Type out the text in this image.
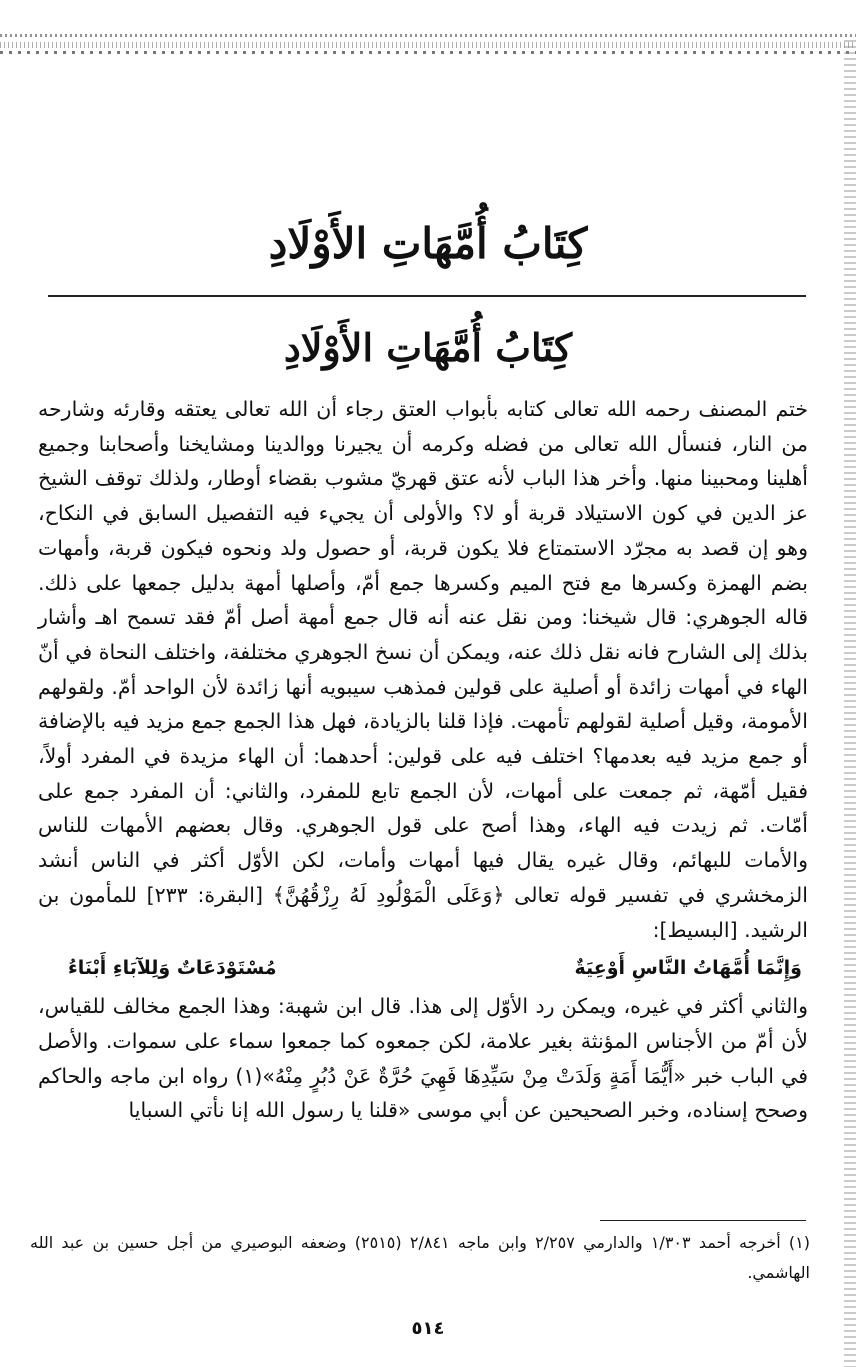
كِتَابُ أُمَّهَاتِ الأَوْلَادِ
كِتَابُ أُمَّهَاتِ الأَوْلَادِ

ختم المصنف رحمه الله تعالى كتابه بأبواب العتق رجاء أن الله تعالى يعتقه وقارئه وشارحه من النار، فنسأل الله تعالى من فضله وكرمه أن يجيرنا ووالدينا ومشايخنا وأصحابنا وجميع أهلينا ومحبينا منها. وأخر هذا الباب لأنه عتق قهريّ مشوب بقضاء أوطار، ولذلك توقف الشيخ عز الدين في كون الاستيلاد قربة أو لا؟ والأولى أن يجيء فيه التفصيل السابق في النكاح، وهو إن قصد به مجرّد الاستمتاع فلا يكون قربة، أو حصول ولد ونحوه فيكون قربة، وأمهات بضم الهمزة وكسرها مع فتح الميم وكسرها جمع أمّ، وأصلها أمهة بدليل جمعها على ذلك. قاله الجوهري: قال شيخنا: ومن نقل عنه أنه قال جمع أمهة أصل أمّ فقد تسمح اهـ وأشار بذلك إلى الشارح فانه نقل ذلك عنه، ويمكن أن نسخ الجوهري مختلفة، واختلف النحاة في أنّ الهاء في أمهات زائدة أو أصلية على قولين فمذهب سيبويه أنها زائدة لأن الواحد أمّ. ولقولهم الأمومة، وقيل أصلية لقولهم تأمهت. فإذا قلنا بالزيادة، فهل هذا الجمع جمع مزيد فيه بالإضافة أو جمع مزيد فيه بعدمها؟ اختلف فيه على قولين: أحدهما: أن الهاء مزيدة في المفرد أولاً، فقيل أمّهة، ثم جمعت على أمهات، لأن الجمع تابع للمفرد، والثاني: أن المفرد جمع على أمّات. ثم زيدت فيه الهاء، وهذا أصح على قول الجوهري. وقال بعضهم الأمهات للناس والأمات للبهائم، وقال غيره يقال فيها أمهات وأمات، لكن الأوّل أكثر في الناس أنشد الزمخشري في تفسير قوله تعالى ﴿وَعَلَى الْمَوْلُودِ لَهُ رِزْقُهُنَّ﴾ [البقرة: ٢٣٣] للمأمون بن الرشيد. [البسيط]:

وَإِنَّمَا أُمَّهَاتُ النَّاسِ أَوْعِيَةٌ
مُسْتَوْدَعَاتٌ وَلِلآبَاءِ أَبْنَاءُ

والثاني أكثر في غيره، ويمكن رد الأوّل إلى هذا. قال ابن شهبة: وهذا الجمع مخالف للقياس، لأن أمّ من الأجناس المؤنثة بغير علامة، لكن جمعوه كما جمعوا سماء على سموات. والأصل في الباب خبر «أَيُّمَا أَمَةٍ وَلَدَتْ مِنْ سَيِّدِهَا فَهِيَ حُرَّةٌ عَنْ دُبُرٍ مِنْهُ»(١) رواه ابن ماجه والحاكم وصحح إسناده، وخبر الصحيحين عن أبي موسى «قلنا يا رسول الله إنا نأتي السبايا

(١) أخرجه أحمد ١/٣٠٣ والدارمي ٢/٢٥٧ وابن ماجه ٢/٨٤١ (٢٥١٥) وضعفه البوصيري من أجل حسين بن عبد الله الهاشمي.

٥١٤
